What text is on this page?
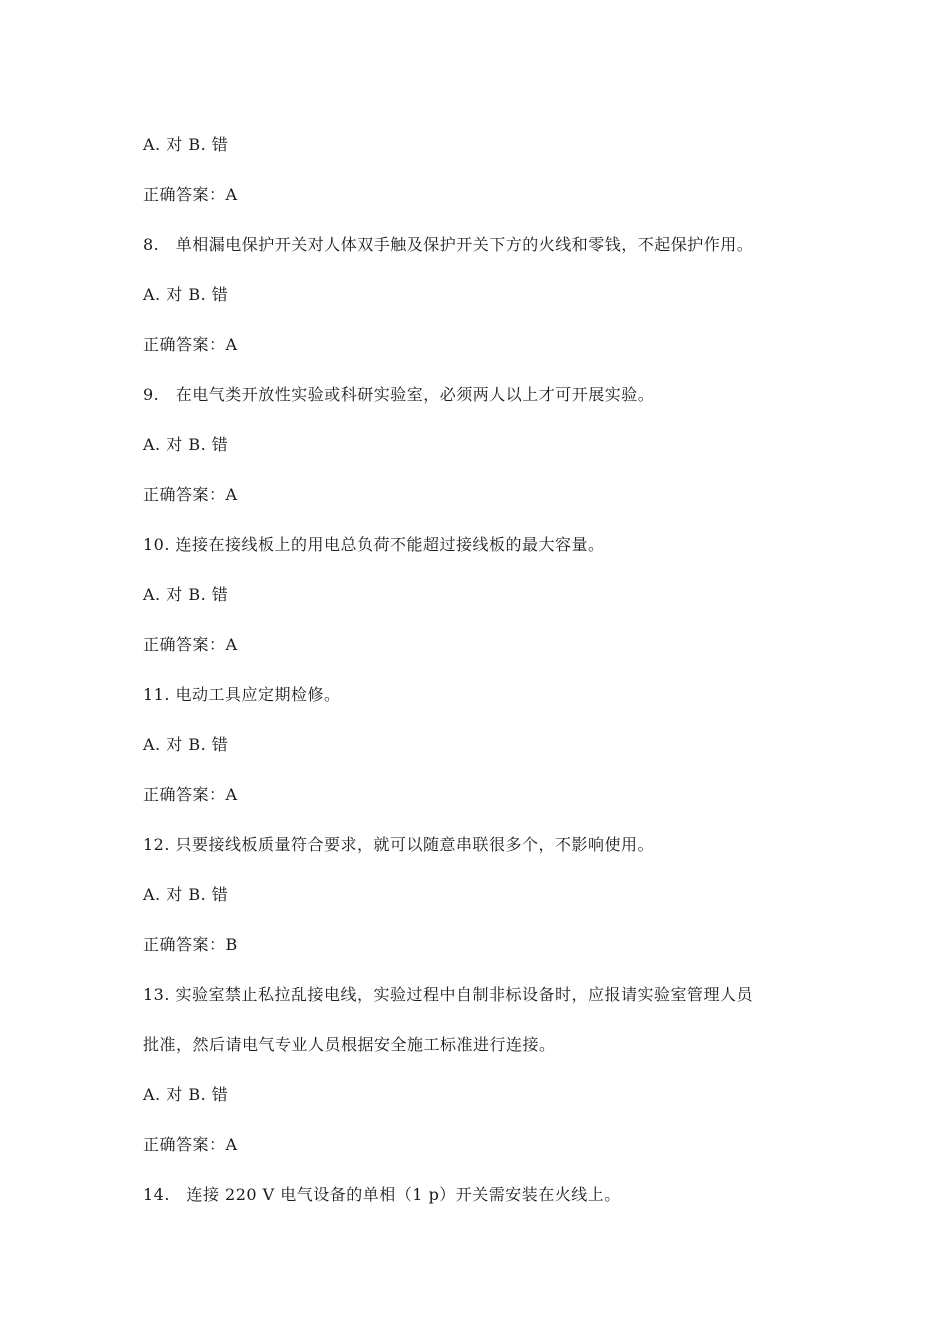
A. 对 B. 错
正确答案：A
8.　单相漏电保护开关对人体双手触及保护开关下方的火线和零钱，不起保护作用。
A. 对 B. 错
正确答案：A
9.　在电气类开放性实验或科研实验室，必须两人以上才可开展实验。
A. 对 B. 错
正确答案：A
10. 连接在接线板上的用电总负荷不能超过接线板的最大容量。
A. 对 B. 错
正确答案：A
11. 电动工具应定期检修。
A. 对 B. 错
正确答案：A
12. 只要接线板质量符合要求，就可以随意串联很多个，不影响使用。
A. 对 B. 错
正确答案：B
13. 实验室禁止私拉乱接电线，实验过程中自制非标设备时，应报请实验室管理人员
批准，然后请电气专业人员根据安全施工标准进行连接。
A. 对 B. 错
正确答案：A
14.　连接 220 V 电气设备的单相（1 p）开关需安装在火线上。
